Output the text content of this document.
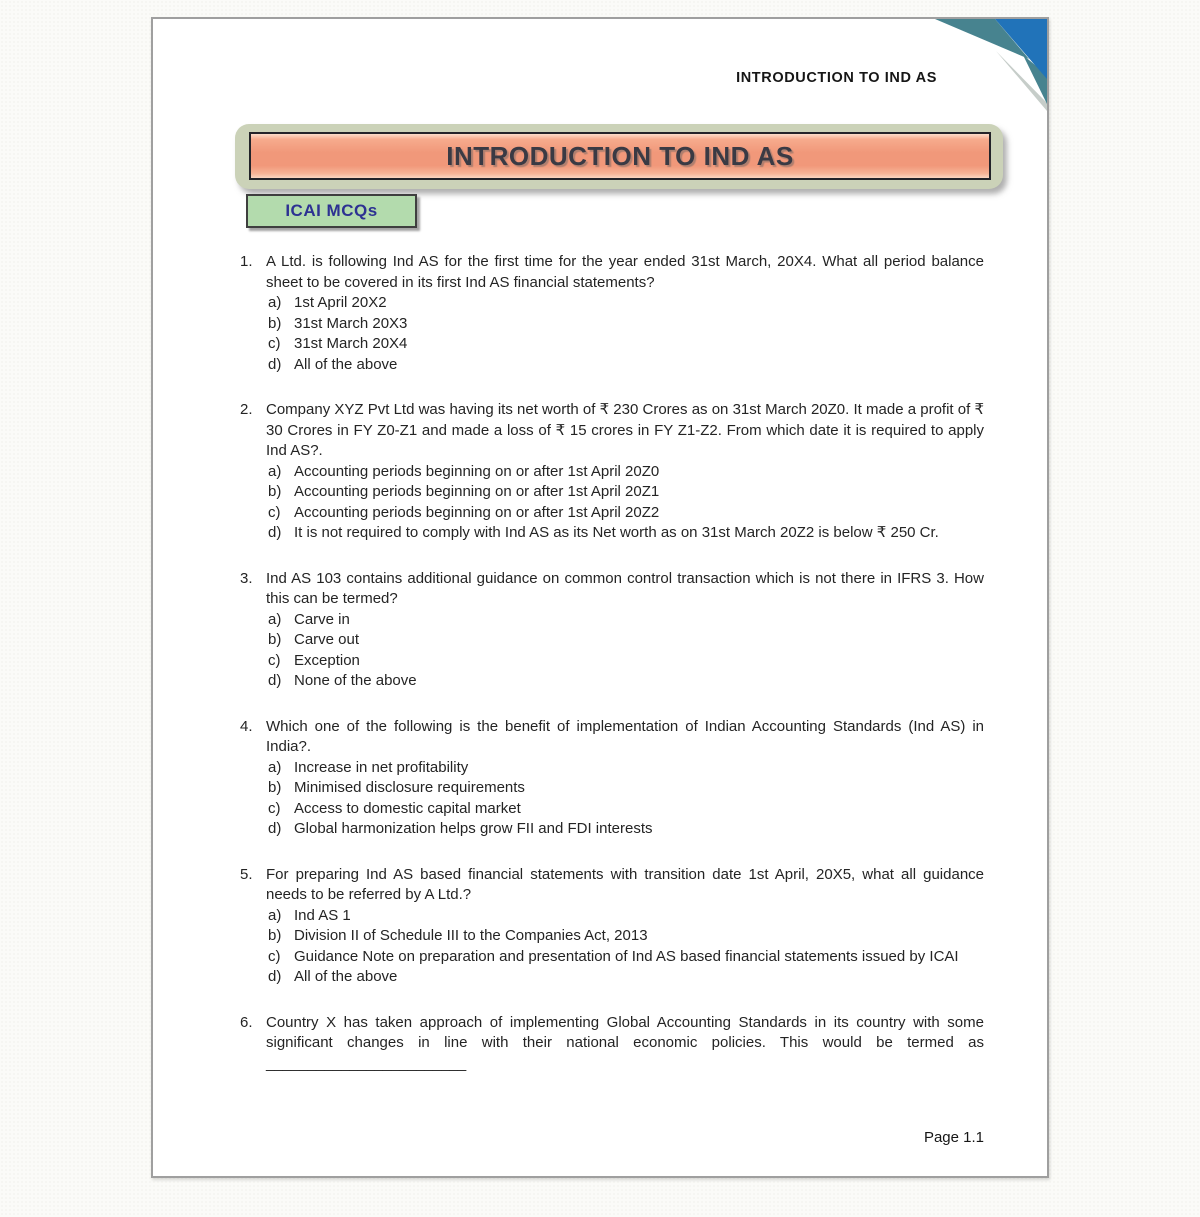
INTRODUCTION TO IND AS
INTRODUCTION TO IND AS
ICAI MCQs
1. A Ltd. is following Ind AS for the first time for the year ended 31st March, 20X4. What all period balance sheet to be covered in its first Ind AS financial statements?
a) 1st April 20X2
b) 31st March 20X3
c) 31st March 20X4
d) All of the above
2. Company XYZ Pvt Ltd was having its net worth of ₹ 230 Crores as on 31st March 20Z0. It made a profit of ₹ 30 Crores in FY Z0-Z1 and made a loss of ₹ 15 crores in FY Z1-Z2. From which date it is required to apply Ind AS?.
a) Accounting periods beginning on or after 1st April 20Z0
b) Accounting periods beginning on or after 1st April 20Z1
c) Accounting periods beginning on or after 1st April 20Z2
d) It is not required to comply with Ind AS as its Net worth as on 31st March 20Z2 is below ₹ 250 Cr.
3. Ind AS 103 contains additional guidance on common control transaction which is not there in IFRS 3. How this can be termed?
a) Carve in
b) Carve out
c) Exception
d) None of the above
4. Which one of the following is the benefit of implementation of Indian Accounting Standards (Ind AS) in India?.
a) Increase in net profitability
b) Minimised disclosure requirements
c) Access to domestic capital market
d) Global harmonization helps grow FII and FDI interests
5. For preparing Ind AS based financial statements with transition date 1st April, 20X5, what all guidance needs to be referred by A Ltd.?
a) Ind AS 1
b) Division II of Schedule III to the Companies Act, 2013
c) Guidance Note on preparation and presentation of Ind AS based financial statements issued by ICAI
d) All of the above
6. Country X has taken approach of implementing Global Accounting Standards in its country with some significant changes in line with their national economic policies. This would be termed as ________________________
Page 1.1
